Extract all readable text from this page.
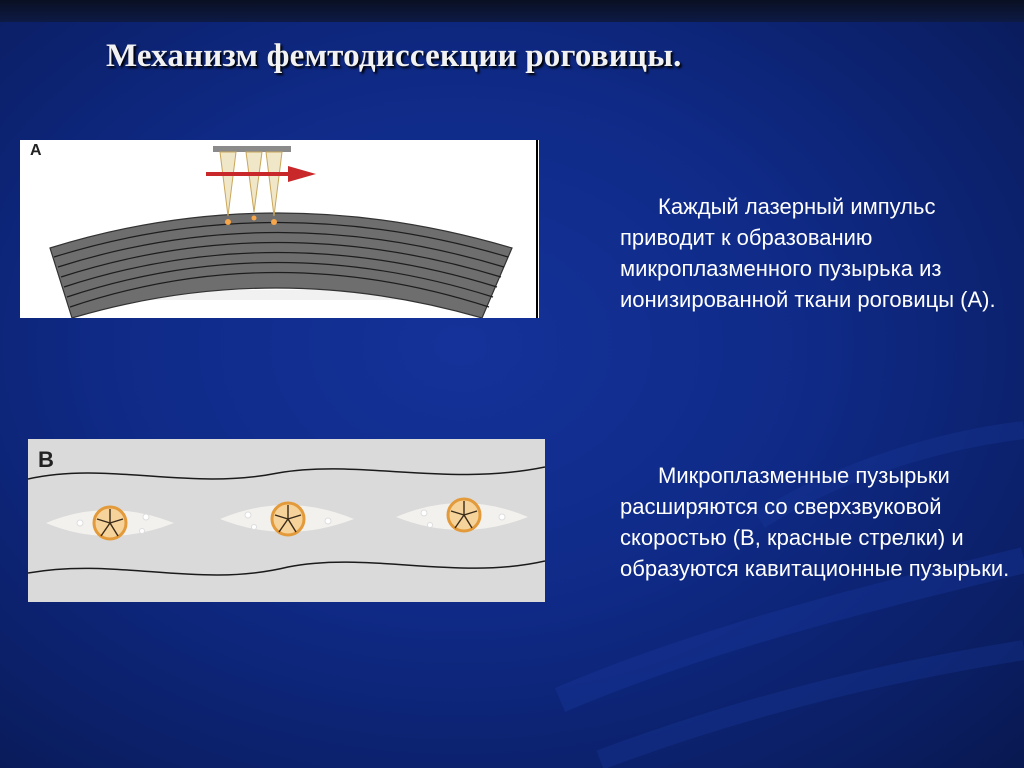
Механизм фемтодиссекции роговицы.
A
B
Каждый лазерный импульс приводит к образованию микроплазменного пузырька из ионизированной ткани роговицы (А).
Микроплазменные пузырьки расширяются со сверхзвуковой скоростью (В, красные стрелки) и образуются кавитационные пузырьки.
